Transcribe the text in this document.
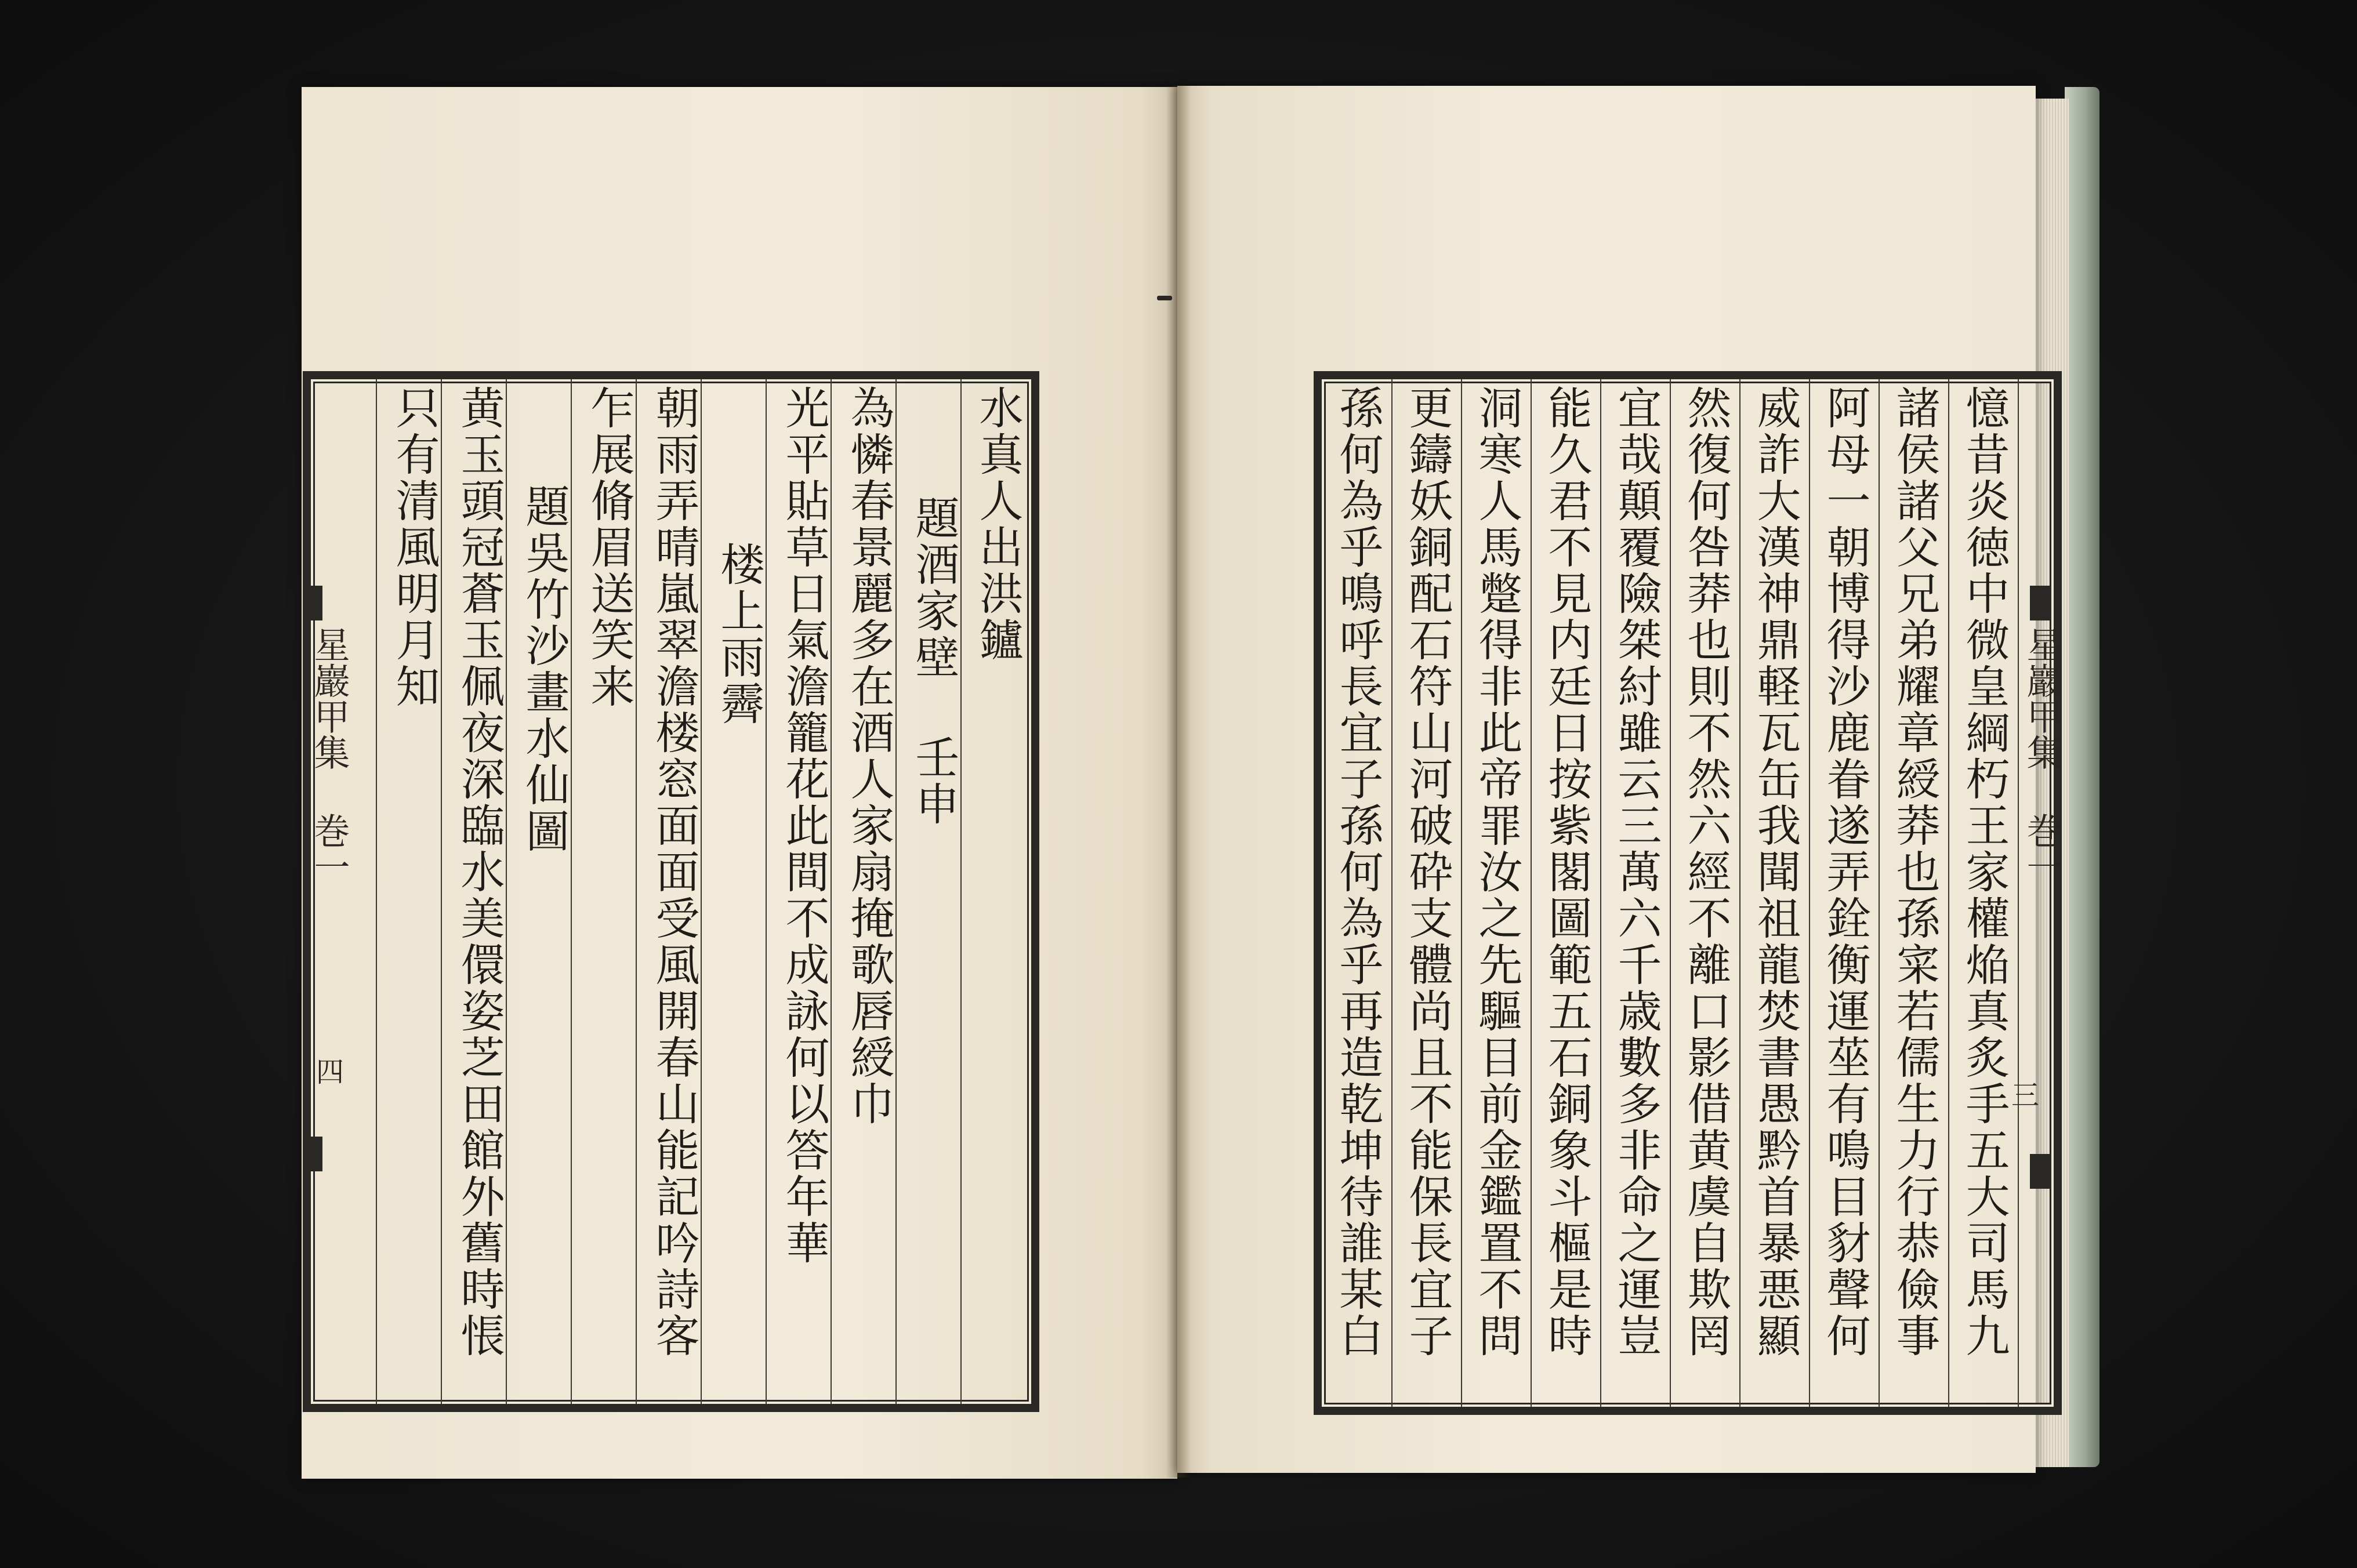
水真人出洪鑪
題酒家壁 壬申
為憐春景麗多在酒人家扇掩歌唇綬巾
光平貼草日氣澹籠花此間不成詠何以答年華
楼上雨霽
朝雨弄晴嵐翠澹楼窓面面受風開春山能記吟詩客
乍展脩眉送笑来
題吳竹沙畫水仙圖
黄玉頭冠蒼玉佩夜深臨水美儇姿芝田館外舊時悵
只有清風明月知
星巖甲集 巻一
四	憶昔炎徳中微皇綱朽王家權焔真炙手五大司馬九
諸侯諸父兄弟耀章綬莽也孫寀若儒生力行恭儉事
阿母一朝博得沙鹿眷遂弄銓衡運莝有鳴目豺聲何
威詐大漢神鼎軽瓦缶我聞祖龍焚書愚黔首暴悪顯
然復何咎莽也則不然六經不離口影借黄虞自欺罔
宜哉顛覆險桀紂雖云三萬六千歳數多非命之運豈
能久君不見内廷日按紫閣圖範五石銅象斗樞是時
洞寒人馬蹩得非此帝罪汝之先驅目前金鑑置不問
更鑄妖銅配石符山河破砕支體尚且不能保長宜子
孫何為乎鳴呼長宜子孫何為乎再造乾坤待誰某白	星巖甲集 巻一
三
